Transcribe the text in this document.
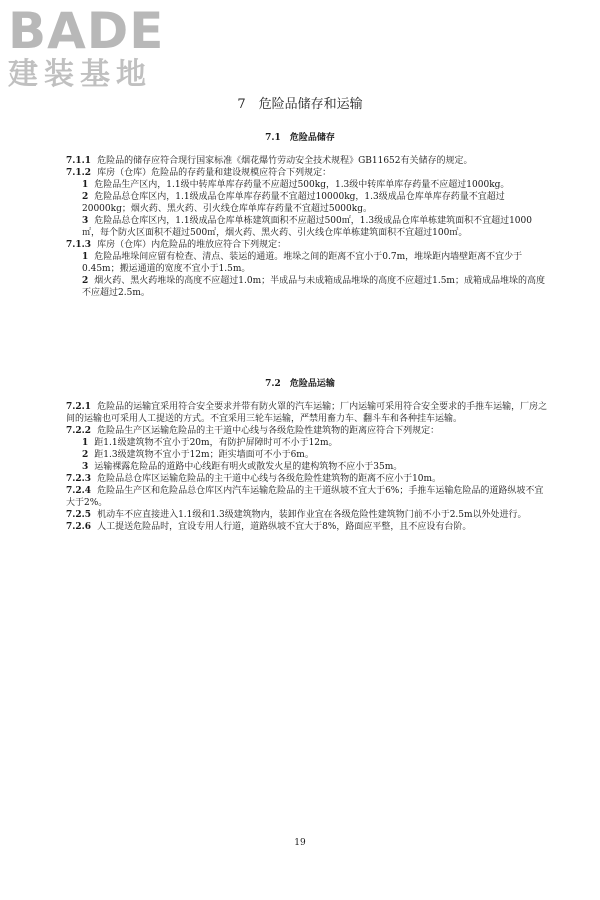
BADE
建装基地
7　危险品储存和运输
7.1　危险品储存

7.1.1 危险品的储存应符合现行国家标准《烟花爆竹劳动安全技术规程》GB11652有关储存的规定。

7.1.2 库房（仓库）危险品的存药量和建设规模应符合下列规定：

1 危险品生产区内，1.1级中转库单库存药量不应超过500kg，1.3级中转库单库存药量不应超过1000kg。

2 危险品总仓库区内，1.1级成品仓库单库存药量不宜超过10000kg，1.3级成品仓库单库存药量不宜超过20000kg；烟火药、黑火药、引火线仓库单库存药量不宜超过5000kg。

3 危险品总仓库区内，1.1级成品仓库单栋建筑面积不应超过500㎡，1.3级成品仓库单栋建筑面积不宜超过1000㎡，每个防火区面积不超过500㎡，烟火药、黑火药、引火线仓库单栋建筑面积不宜超过100㎡。

7.1.3 库房（仓库）内危险品的堆放应符合下列规定：

1 危险品堆垛间应留有检查、清点、装运的通道。堆垛之间的距离不宜小于0.7m，堆垛距内墙壁距离不宜少于0.45m；搬运通道的宽度不宜小于1.5m。

2 烟火药、黑火药堆垛的高度不应超过1.0m；半成品与未成箱成品堆垛的高度不应超过1.5m；成箱成品堆垛的高度不应超过2.5m。

7.2　危险品运输

7.2.1 危险品的运输宜采用符合安全要求并带有防火罩的汽车运输；厂内运输可采用符合安全要求的手推车运输，厂房之间的运输也可采用人工提送的方式。不宜采用三轮车运输，严禁用畜力车、翻斗车和各种挂车运输。

7.2.2 危险品生产区运输危险品的主干道中心线与各级危险性建筑物的距离应符合下列规定：

1 距1.1级建筑物不宜小于20m，有防护屏障时可不小于12m。

2 距1.3级建筑物不宜小于12m；距实墙面可不小于6m。

3 运输裸露危险品的道路中心线距有明火或散发火星的建构筑物不应小于35m。

7.2.3 危险品总仓库区运输危险品的主干道中心线与各级危险性建筑物的距离不应小于10m。

7.2.4 危险品生产区和危险品总仓库区内汽车运输危险品的主干道纵坡不宜大于6%；手推车运输危险品的道路纵坡不宜大于2%。

7.2.5 机动车不应直接进入1.1级和1.3级建筑物内，装卸作业宜在各级危险性建筑物门前不小于2.5m以外处进行。

7.2.6 人工提送危险品时，宜设专用人行道，道路纵坡不宜大于8%，路面应平整，且不应设有台阶。

19
